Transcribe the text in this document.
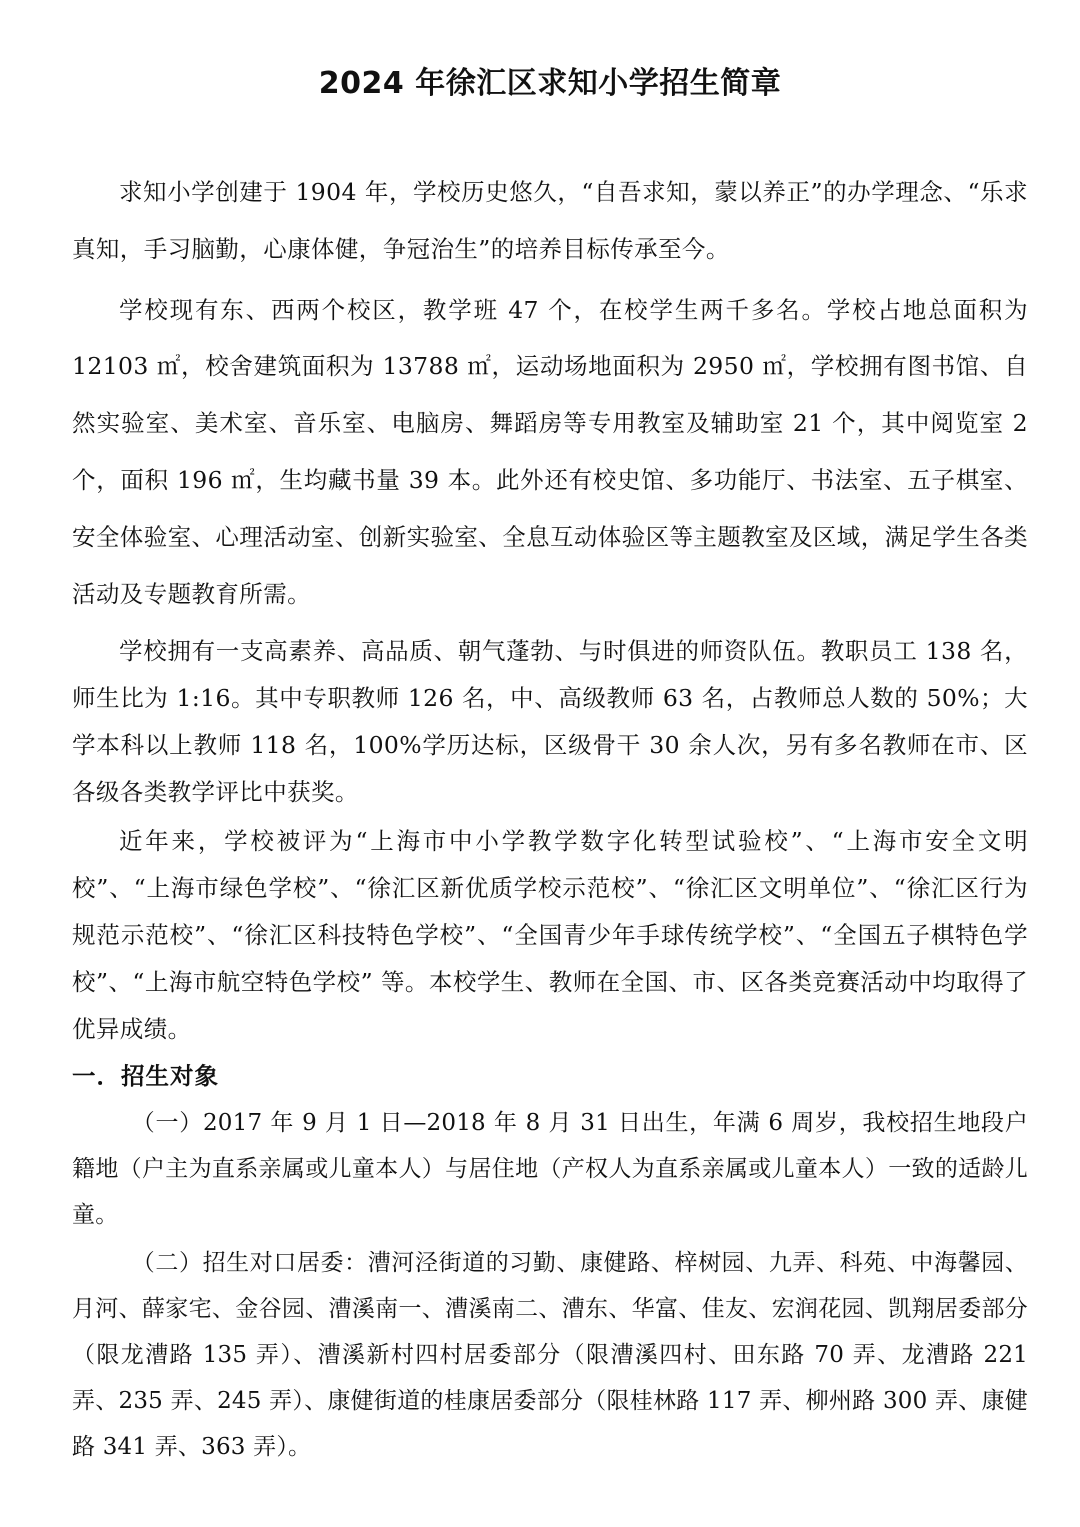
2024 年徐汇区求知小学招生简章

求知小学创建于 1904 年，学校历史悠久，“自吾求知，蒙以养正”的办学理念、“乐求真知，手习脑勤，心康体健，争冠治生”的培养目标传承至今。

学校现有东、西两个校区，教学班 47 个，在校学生两千多名。学校占地总面积为 12103 ㎡，校舍建筑面积为 13788 ㎡，运动场地面积为 2950 ㎡，学校拥有图书馆、自然实验室、美术室、音乐室、电脑房、舞蹈房等专用教室及辅助室 21 个，其中阅览室 2 个，面积 196 ㎡，生均藏书量 39 本。此外还有校史馆、多功能厅、书法室、五子棋室、安全体验室、心理活动室、创新实验室、全息互动体验区等主题教室及区域，满足学生各类活动及专题教育所需。

学校拥有一支高素养、高品质、朝气蓬勃、与时俱进的师资队伍。教职员工 138 名，师生比为 1:16。其中专职教师 126 名，中、高级教师 63 名，占教师总人数的 50%；大学本科以上教师 118 名，100%学历达标，区级骨干 30 余人次，另有多名教师在市、区各级各类教学评比中获奖。

近年来，学校被评为“上海市中小学教学数字化转型试验校”、“上海市安全文明校”、“上海市绿色学校”、“徐汇区新优质学校示范校”、“徐汇区文明单位”、“徐汇区行为规范示范校”、“徐汇区科技特色学校”、“全国青少年手球传统学校”、“全国五子棋特色学校”、“上海市航空特色学校” 等。本校学生、教师在全国、市、区各类竞赛活动中均取得了优异成绩。

一．招生对象

（一）2017 年 9 月 1 日—2018 年 8 月 31 日出生，年满 6 周岁，我校招生地段户籍地（户主为直系亲属或儿童本人）与居住地（产权人为直系亲属或儿童本人）一致的适龄儿童。

（二）招生对口居委：漕河泾街道的习勤、康健路、梓树园、九弄、科苑、中海馨园、月河、薛家宅、金谷园、漕溪南一、漕溪南二、漕东、华富、佳友、宏润花园、凯翔居委部分（限龙漕路 135 弄）、漕溪新村四村居委部分（限漕溪四村、田东路 70 弄、龙漕路 221 弄、235 弄、245 弄）、康健街道的桂康居委部分（限桂林路 117 弄、柳州路 300 弄、康健路 341 弄、363 弄）。
